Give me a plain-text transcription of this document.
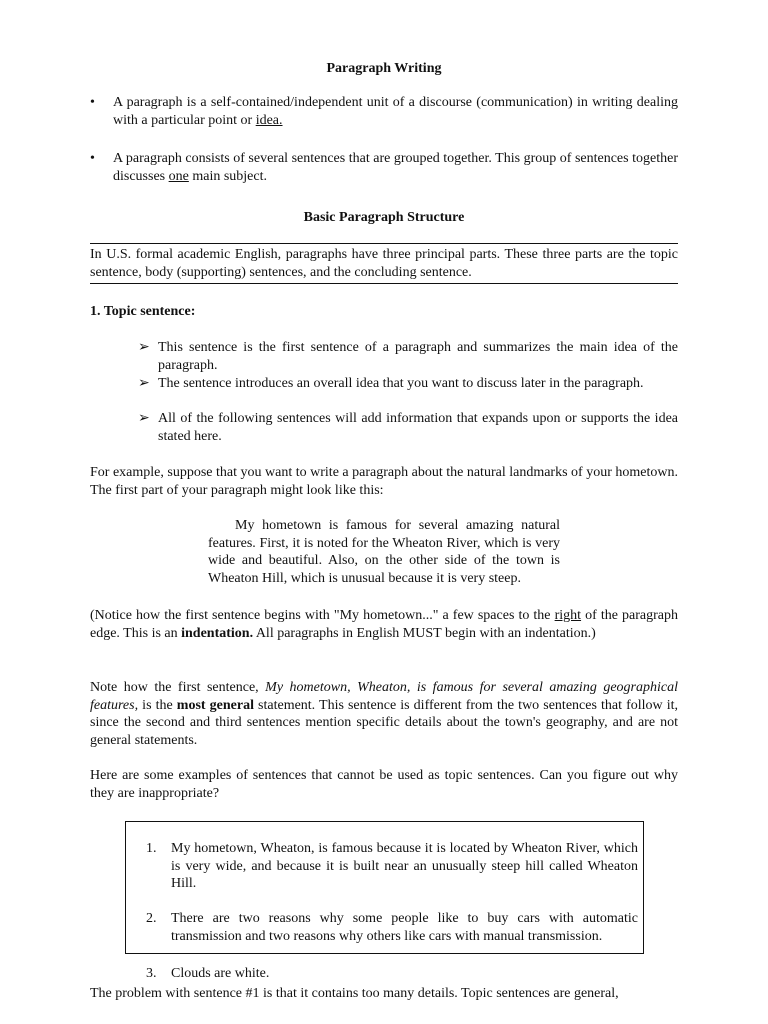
Paragraph Writing
• A paragraph is a self-contained/independent unit of a discourse (communication) in writing dealing with a particular point or idea.
• A paragraph consists of several sentences that are grouped together. This group of sentences together discusses one main subject.
Basic Paragraph Structure
In U.S. formal academic English, paragraphs have three principal parts. These three parts are the topic sentence, body (supporting) sentences, and the concluding sentence.
1. Topic sentence:
➢ This sentence is the first sentence of a paragraph and summarizes the main idea of the paragraph.
➢ The sentence introduces an overall idea that you want to discuss later in the paragraph.
➢ All of the following sentences will add information that expands upon or supports the idea stated here.
For example, suppose that you want to write a paragraph about the natural landmarks of your hometown. The first part of your paragraph might look like this:
My hometown is famous for several amazing natural features. First, it is noted for the Wheaton River, which is very wide and beautiful. Also, on the other side of the town is Wheaton Hill, which is unusual because it is very steep.
(Notice how the first sentence begins with "My hometown..." a few spaces to the right of the paragraph edge. This is an indentation. All paragraphs in English MUST begin with an indentation.)
Note how the first sentence, My hometown, Wheaton, is famous for several amazing geographical features, is the most general statement. This sentence is different from the two sentences that follow it, since the second and third sentences mention specific details about the town's geography, and are not general statements.
Here are some examples of sentences that cannot be used as topic sentences. Can you figure out why they are inappropriate?
1. My hometown, Wheaton, is famous because it is located by Wheaton River, which is very wide, and because it is built near an unusually steep hill called Wheaton Hill.
2. There are two reasons why some people like to buy cars with automatic transmission and two reasons why others like cars with manual transmission.
3. Clouds are white.
The problem with sentence #1 is that it contains too many details. Topic sentences are general,
